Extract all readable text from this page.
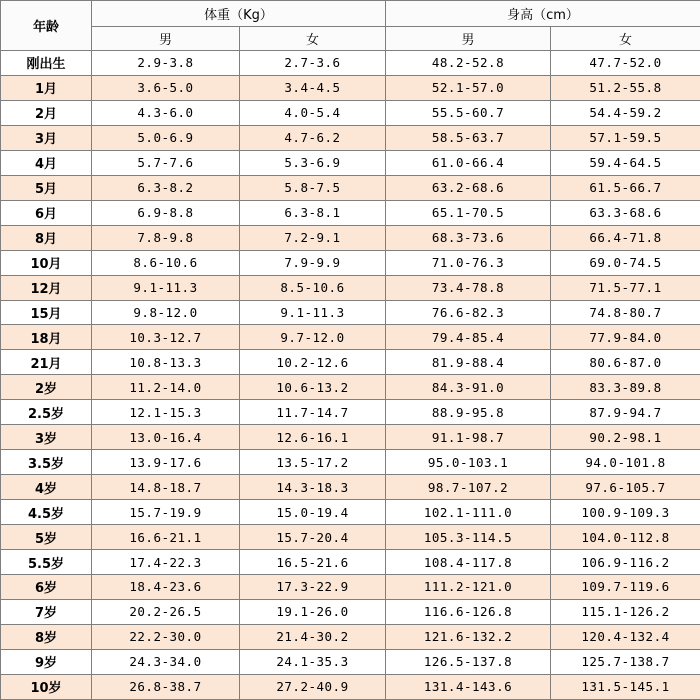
年龄	体重（Kg）		身高（cm）	
	男	女	男	女
刚出生	2.9-3.8	2.7-3.6	48.2-52.8	47.7-52.0
1月	3.6-5.0	3.4-4.5	52.1-57.0	51.2-55.8
2月	4.3-6.0	4.0-5.4	55.5-60.7	54.4-59.2
3月	5.0-6.9	4.7-6.2	58.5-63.7	57.1-59.5
4月	5.7-7.6	5.3-6.9	61.0-66.4	59.4-64.5
5月	6.3-8.2	5.8-7.5	63.2-68.6	61.5-66.7
6月	6.9-8.8	6.3-8.1	65.1-70.5	63.3-68.6
8月	7.8-9.8	7.2-9.1	68.3-73.6	66.4-71.8
10月	8.6-10.6	7.9-9.9	71.0-76.3	69.0-74.5
12月	9.1-11.3	8.5-10.6	73.4-78.8	71.5-77.1
15月	9.8-12.0	9.1-11.3	76.6-82.3	74.8-80.7
18月	10.3-12.7	9.7-12.0	79.4-85.4	77.9-84.0
21月	10.8-13.3	10.2-12.6	81.9-88.4	80.6-87.0
2岁	11.2-14.0	10.6-13.2	84.3-91.0	83.3-89.8
2.5岁	12.1-15.3	11.7-14.7	88.9-95.8	87.9-94.7
3岁	13.0-16.4	12.6-16.1	91.1-98.7	90.2-98.1
3.5岁	13.9-17.6	13.5-17.2	95.0-103.1	94.0-101.8
4岁	14.8-18.7	14.3-18.3	98.7-107.2	97.6-105.7
4.5岁	15.7-19.9	15.0-19.4	102.1-111.0	100.9-109.3
5岁	16.6-21.1	15.7-20.4	105.3-114.5	104.0-112.8
5.5岁	17.4-22.3	16.5-21.6	108.4-117.8	106.9-116.2
6岁	18.4-23.6	17.3-22.9	111.2-121.0	109.7-119.6
7岁	20.2-26.5	19.1-26.0	116.6-126.8	115.1-126.2
8岁	22.2-30.0	21.4-30.2	121.6-132.2	120.4-132.4
9岁	24.3-34.0	24.1-35.3	126.5-137.8	125.7-138.7
10岁	26.8-38.7	27.2-40.9	131.4-143.6	131.5-145.1
